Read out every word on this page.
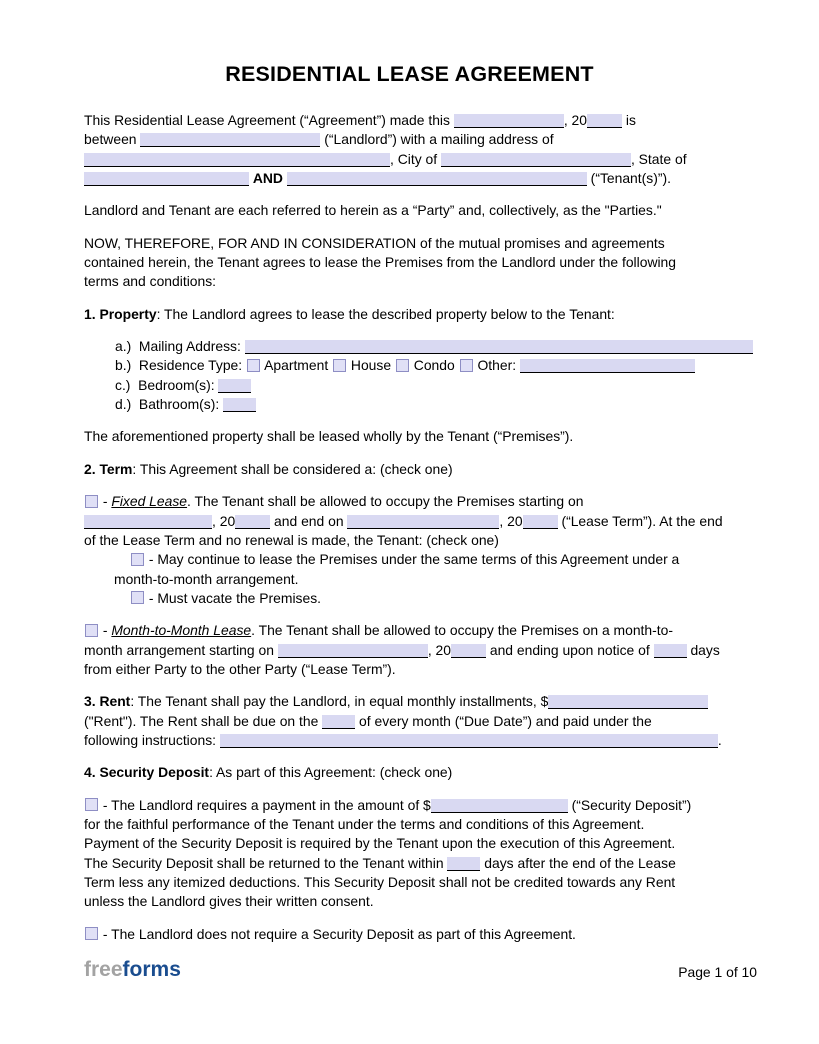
RESIDENTIAL LEASE AGREEMENT
This Residential Lease Agreement (“Agreement”) made this	, 20	is
between	(“Landlord”) with a mailing address of
, City of	, State of
AND	(“Tenant(s)”).
Landlord and Tenant are each referred to herein as a “Party” and, collectively, as the "Parties."
NOW, THEREFORE, FOR AND IN CONSIDERATION of the mutual promises and agreements
contained herein, the Tenant agrees to lease the Premises from the Landlord under the following
terms and conditions:
1. Property: The Landlord agrees to lease the described property below to the Tenant:
a.)  Mailing Address:
b.)  Residence Type:  Apartment  House  Condo  Other:
c.)  Bedroom(s):
d.)  Bathroom(s):
The aforementioned property shall be leased wholly by the Tenant (“Premises”).
2. Term: This Agreement shall be considered a: (check one)
- Fixed Lease. The Tenant shall be allowed to occupy the Premises starting on
, 20	and end on	, 20	(“Lease Term”). At the end
of the Lease Term and no renewal is made, the Tenant: (check one)
- May continue to lease the Premises under the same terms of this Agreement under a
month-to-month arrangement.
- Must vacate the Premises.
- Month-to-Month Lease. The Tenant shall be allowed to occupy the Premises on a month-to-
month arrangement starting on	, 20	and ending upon notice of  days
from either Party to the other Party (“Lease Term”).
3. Rent: The Tenant shall pay the Landlord, in equal monthly installments, $
("Rent"). The Rent shall be due on the  of every month (“Due Date”) and paid under the
following instructions:	.
4. Security Deposit: As part of this Agreement: (check one)
- The Landlord requires a payment in the amount of $	(“Security Deposit”)
for the faithful performance of the Tenant under the terms and conditions of this Agreement.
Payment of the Security Deposit is required by the Tenant upon the execution of this Agreement.
The Security Deposit shall be returned to the Tenant within  days after the end of the Lease
Term less any itemized deductions. This Security Deposit shall not be credited towards any Rent
unless the Landlord gives their written consent.
- The Landlord does not require a Security Deposit as part of this Agreement.
freeforms	Page 1 of 10
